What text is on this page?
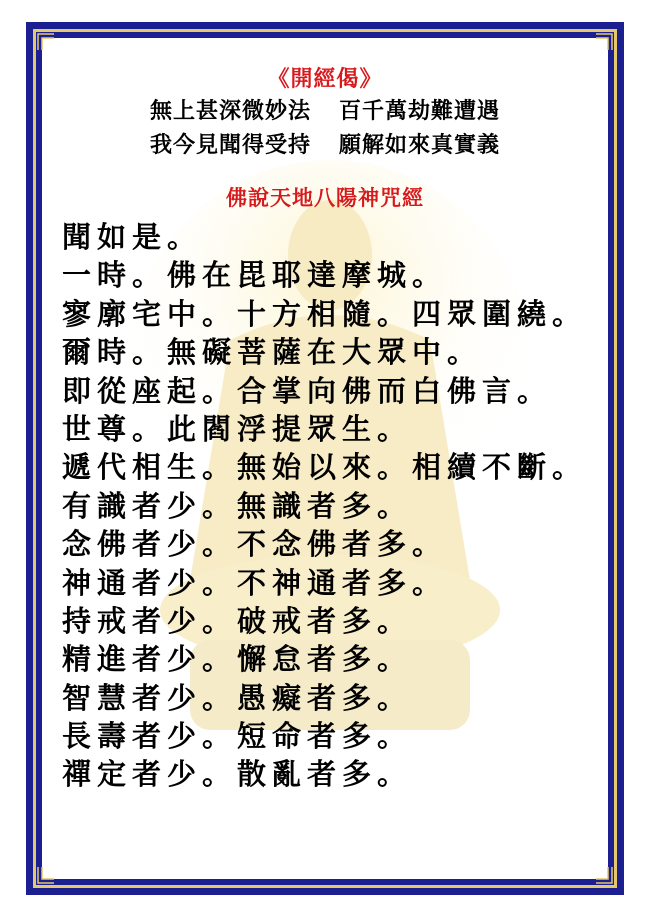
《開經偈》
無上甚深微妙法 百千萬劫難遭遇
我今見聞得受持 願解如來真實義
佛說天地八陽神咒經
聞如是。
一時。佛在毘耶達摩城。
寥廓宅中。十方相隨。四眾圍繞。
爾時。無礙菩薩在大眾中。
即從座起。合掌向佛而白佛言。
世尊。此閻浮提眾生。
遞代相生。無始以來。相續不斷。
有識者少。無識者多。
念佛者少。不念佛者多。
神通者少。不神通者多。
持戒者少。破戒者多。
精進者少。懈怠者多。
智慧者少。愚癡者多。
長壽者少。短命者多。
禪定者少。散亂者多。
